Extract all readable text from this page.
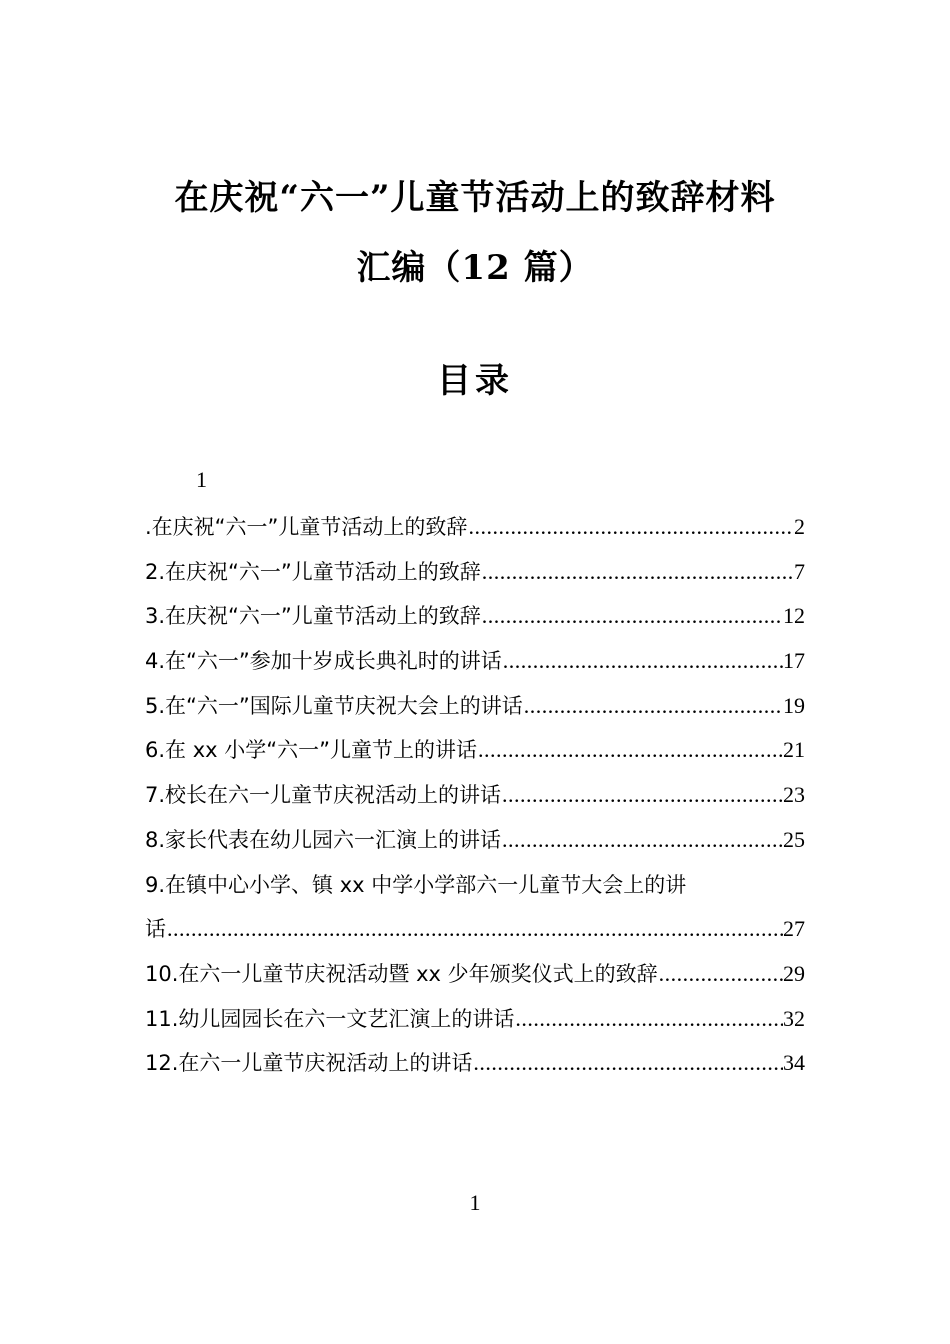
在庆祝“六一”儿童节活动上的致辞材料
汇编（12 篇）
目录
1
.在庆祝“六一”儿童节活动上的致辞 .....	2
2.在庆祝“六一”儿童节活动上的致辞 .....	7
3.在庆祝“六一”儿童节活动上的致辞 .....	12
4.在“六一”参加十岁成长典礼时的讲话 .....	17
5.在“六一”国际儿童节庆祝大会上的讲话 .....	19
6.在 xx 小学“六一”儿童节上的讲话 .....	21
7.校长在六一儿童节庆祝活动上的讲话 .....	23
8.家长代表在幼儿园六一汇演上的讲话 .....	25
9.在镇中心小学、镇 xx 中学小学部六一儿童节大会上的讲
话 .....	27
10.在六一儿童节庆祝活动暨 xx 少年颁奖仪式上的致辞 .....	29
11.幼儿园园长在六一文艺汇演上的讲话 .....	32
12.在六一儿童节庆祝活动上的讲话 .....	34
1
